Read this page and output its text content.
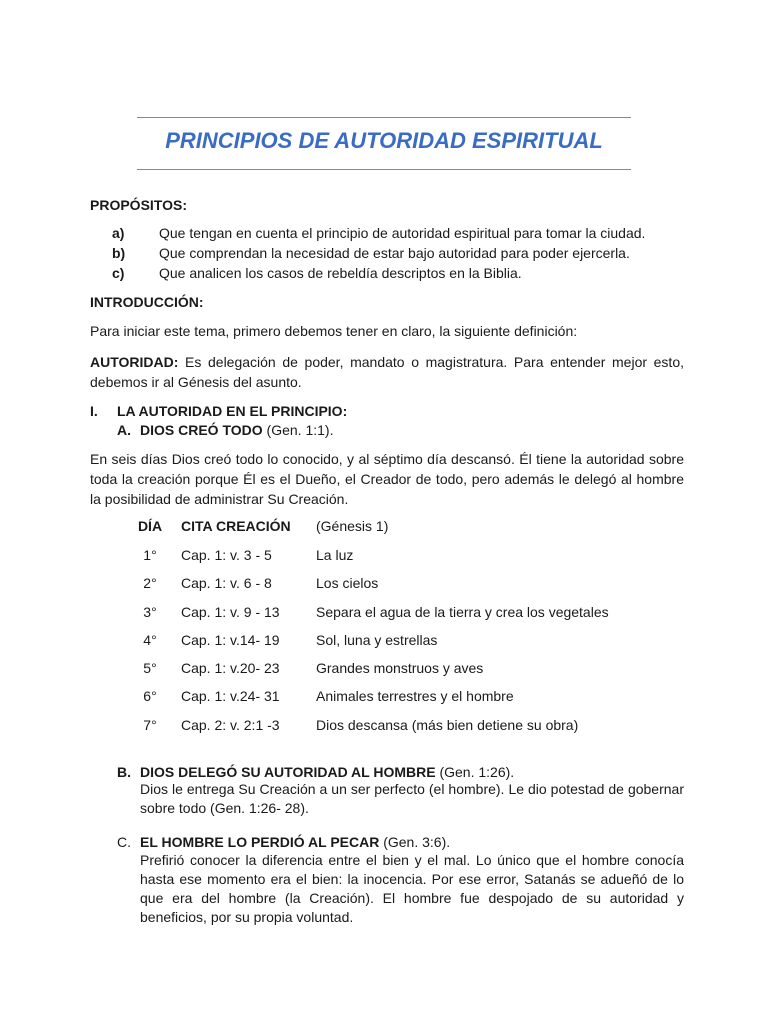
PRINCIPIOS DE AUTORIDAD ESPIRITUAL
PROPÓSITOS:
a) Que tengan en cuenta el principio de autoridad espiritual para tomar la ciudad.
b) Que comprendan la necesidad de estar bajo autoridad para poder ejercerla.
c) Que analicen los casos de rebeldía descriptos en la Biblia.
INTRODUCCIÓN:
Para iniciar este tema, primero debemos tener en claro, la siguiente definición:
AUTORIDAD: Es delegación de poder, mandato o magistratura. Para entender mejor esto, debemos ir al Génesis del asunto.
I. LA AUTORIDAD EN EL PRINCIPIO:
A. DIOS CREÓ TODO (Gen. 1:1).
En seis días Dios creó todo lo conocido, y al séptimo día descansó. Él tiene la autoridad sobre toda la creación porque Él es el Dueño, el Creador de todo, pero además le delegó al hombre la posibilidad de administrar Su Creación.
DÍA	CITA CREACIÓN (Génesis 1)
1°	Cap. 1: v. 3 - 5	La luz
2°	Cap. 1: v. 6 - 8	Los cielos
3°	Cap. 1: v. 9 - 13	Separa el agua de la tierra y crea los vegetales
4°	Cap. 1: v.14- 19	Sol, luna y estrellas
5°	Cap. 1: v.20- 23	Grandes monstruos y aves
6°	Cap. 1: v.24- 31	Animales terrestres y el hombre
7°	Cap. 2: v. 2:1 -3	Dios descansa (más bien detiene su obra)
B. DIOS DELEGÓ SU AUTORIDAD AL HOMBRE (Gen. 1:26).
Dios le entrega Su Creación a un ser perfecto (el hombre). Le dio potestad de gobernar sobre todo (Gen. 1:26- 28).
C. EL HOMBRE LO PERDIÓ AL PECAR (Gen. 3:6).
Prefirió conocer la diferencia entre el bien y el mal. Lo único que el hombre conocía hasta ese momento era el bien: la inocencia. Por ese error, Satanás se adueñó de lo que era del hombre (la Creación). El hombre fue despojado de su autoridad y beneficios, por su propia voluntad.
